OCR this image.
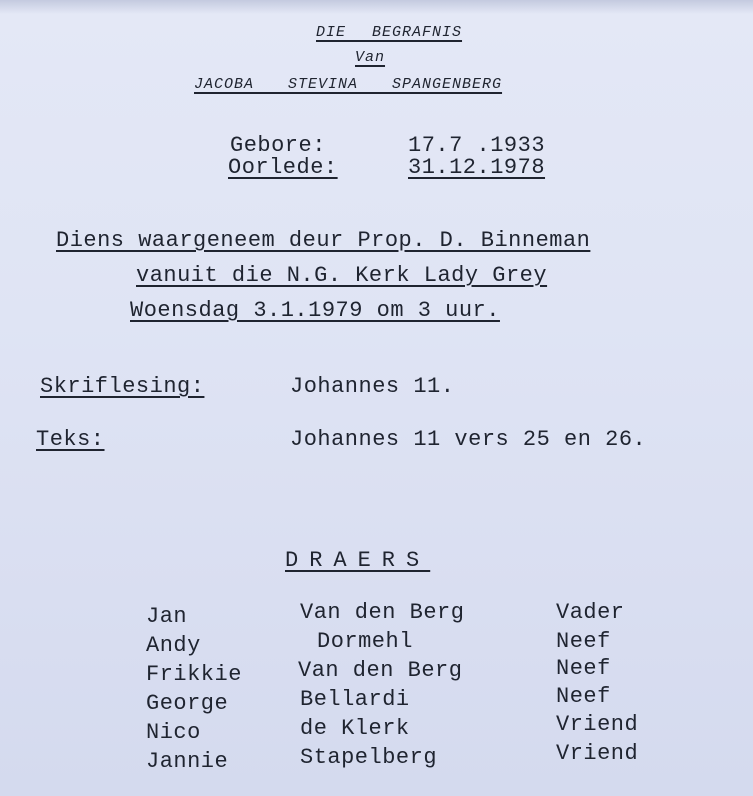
DIE BEGRAFNIS
Van
JACOBA STEVINA SPANGENBERG
Gebore:	17.7 .1933
Oorlede:	31.12.1978
Diens waargeneem deur Prop. D. Binneman
vanuit die N.G. Kerk Lady Grey
Woensdag 3.1.1979 om 3 uur.
Skriflesing:	Johannes 11.
Teks:	Johannes 11 vers 25 en 26.
DRAERS
Jan	Van den Berg	Vader
Andy	Dormehl	Neef
Frikkie	Van den Berg	Neef
George	Bellardi	Neef
Nico	de Klerk	Vriend
Jannie	Stapelberg	Vriend
